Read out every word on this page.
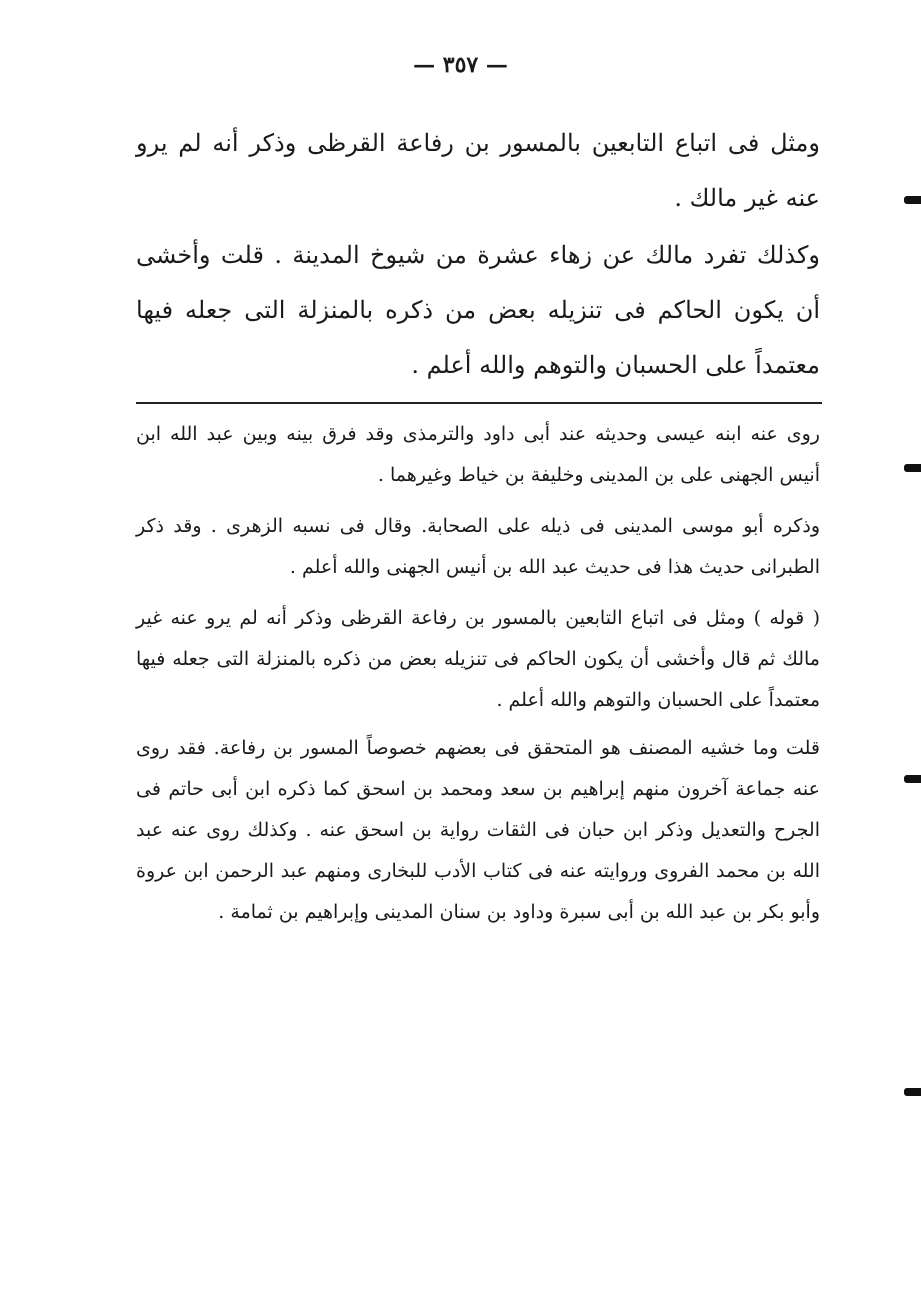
— ۳٥۷ —

ومثل فى اتباع التابعين بالمسور بن رفاعة القرظى وذكر أنه لم يرو عنه غير مالك .

وكذلك تفرد مالك عن زهاء عشرة من شيوخ المدينة . قلت وأخشى أن يكون الحاكم فى تنزيله بعض من ذكره بالمنزلة التى جعله فيها معتمداً على الحسبان والتوهم والله أعلم .

روى عنه ابنه عيسى وحديثه عند أبى داود والترمذى وقد فرق بينه وبين عبد الله ابن أنيس الجهنى على بن المدينى وخليفة بن خياط وغيرهما .

وذكره أبو موسى المدينى فى ذيله على الصحابة. وقال فى نسبه الزهرى . وقد ذكر الطبرانى حديث هذا فى حديث عبد الله بن أنيس الجهنى والله أعلم .

( قوله ) ومثل فى اتباع التابعين بالمسور بن رفاعة القرظى وذكر أنه لم يرو عنه غير مالك ثم قال وأخشى أن يكون الحاكم فى تنزيله بعض من ذكره بالمنزلة التى جعله فيها معتمداً على الحسبان والتوهم والله أعلم .

قلت وما خشيه المصنف هو المتحقق فى بعضهم خصوصاً المسور بن رفاعة. فقد روى عنه جماعة آخرون منهم إبراهيم بن سعد ومحمد بن اسحق كما ذكره ابن أبى حاتم فى الجرح والتعديل وذكر ابن حبان فى الثقات رواية بن اسحق عنه . وكذلك روى عنه عبد الله بن محمد الفروى وروايته عنه فى كتاب الأدب للبخارى ومنهم عبد الرحمن ابن عروة وأبو بكر بن عبد الله بن أبى سبرة وداود بن سنان المدينى وإبراهيم بن ثمامة .
